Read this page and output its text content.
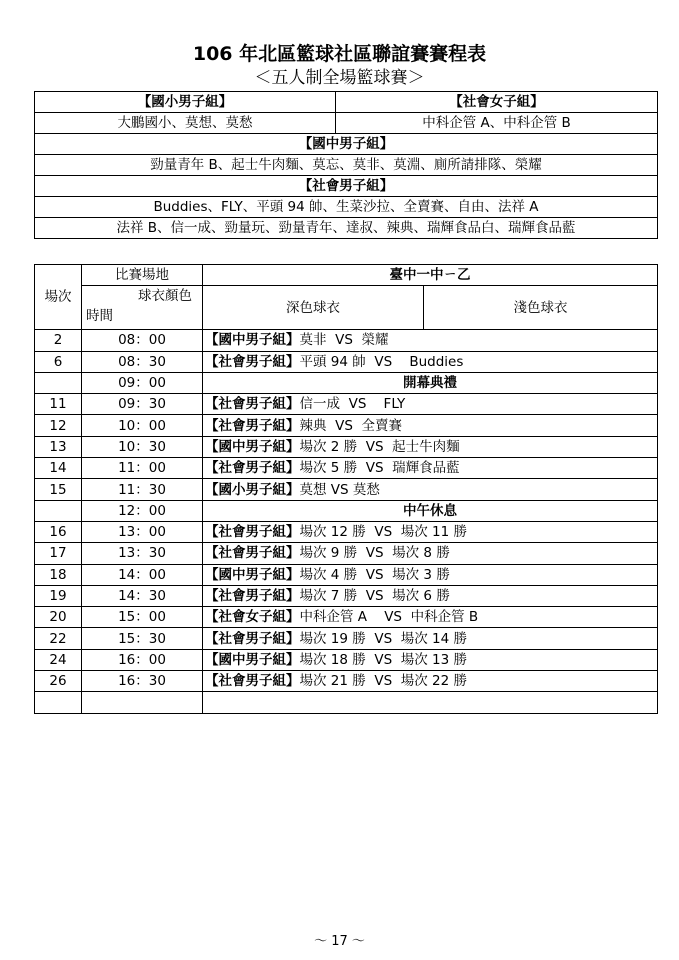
106 年北區籃球社區聯誼賽賽程表
＜五人制全場籃球賽＞
【國小男子組】	【社會女子組】
大鵬國小、莫想、莫愁	中科企管 A、中科企管 B
【國中男子組】	
勁量青年 B、起士牛肉麵、莫忘、莫非、莫淵、廁所請排隊、榮耀	
【社會男子組】	
Buddies、FLY、平頭 94 帥、生菜沙拉、全賣賽、自由、法祥 A	
法祥 B、信一成、勁量玩、勁量青年、達叔、辣典、瑞輝食品白、瑞輝食品藍	
場次	比賽場地	臺中一中ㄧ乙	

	球衣顏色
時間	深色球衣	淺色球衣
2	08：00	【國中男子組】莫非  VS  榮耀	
6	08：30	【社會男子組】平頭 94 帥  VS    Buddies	
	09：00	開幕典禮	
11	09：30	【社會男子組】信一成  VS    FLY	
12	10：00	【社會男子組】辣典  VS  全賣賽	
13	10：30	【國中男子組】場次 2 勝  VS  起士牛肉麵	
14	11：00	【社會男子組】場次 5 勝  VS  瑞輝食品藍	
15	11：30	【國小男子組】莫想 VS 莫愁	
	12：00	中午休息	
16	13：00	【社會男子組】場次 12 勝  VS  場次 11 勝	
17	13：30	【社會男子組】場次 9 勝  VS  場次 8 勝	
18	14：00	【國中男子組】場次 4 勝  VS  場次 3 勝	
19	14：30	【社會男子組】場次 7 勝  VS  場次 6 勝	
20	15：00	【社會女子組】中科企管 A    VS  中科企管 B	
22	15：30	【社會男子組】場次 19 勝  VS  場次 14 勝	
24	16：00	【國中男子組】場次 18 勝  VS  場次 13 勝	
26	16：30	【社會男子組】場次 21 勝  VS  場次 22 勝	

～ 17 ～
